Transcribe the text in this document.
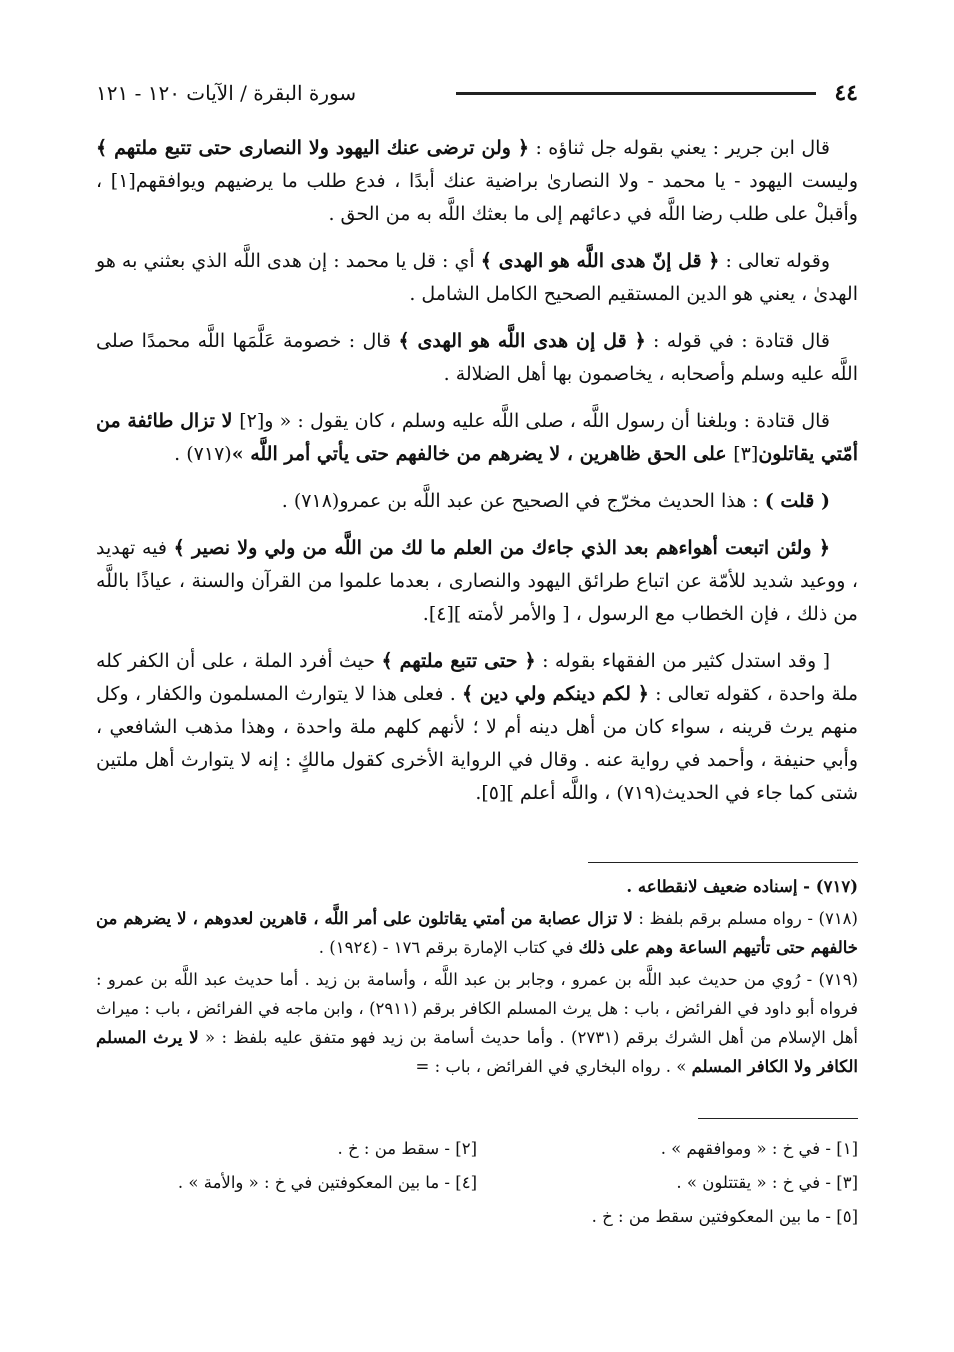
٤٤
سورة البقرة / الآيات ١٢٠ - ١٢١

قال ابن جرير : يعني بقوله جل ثناؤه : ﴿ ولن ترضى عنك اليهود ولا النصارى حتى تتبع ملتهم ﴾ وليست اليهود - يا محمد - ولا النصارىٰ براضية عنك أبدًا ، فدع طلب ما يرضيهم ويوافقهم[١] ، وأقبلْ على طلب رضا اللَّه في دعائهم إلى ما بعثك اللَّه به من الحق .

وقوله تعالى : ﴿ قل إنّ هدى اللَّه هو الهدى ﴾ أي : قل يا محمد : إن هدى اللَّه الذي بعثني به هو الهدىٰ ، يعني هو الدين المستقيم الصحيح الكامل الشامل .

قال قتادة : في قوله : ﴿ قل إن هدى اللَّه هو الهدى ﴾ قال : خصومة عَلَّمَها اللَّه محمدًا صلى اللَّه عليه وسلم وأصحابه ، يخاصمون بها أهل الضلالة .

قال قتادة : وبلغنا أن رسول اللَّه ، صلى اللَّه عليه وسلم ، كان يقول : « و[٢] لا تزال طائفة من أمّتي يقاتلون[٣] على الحق ظاهرين ، لا يضرهم من خالفهم حتى يأتي أمر اللَّه »(٧١٧) .

( قلت ) : هذا الحديث مخرّج في الصحيح عن عبد اللَّه بن عمرو(٧١٨) .

﴿ ولئن اتبعت أهواءهم بعد الذي جاءك من العلم ما لك من اللَّه من ولي ولا نصير ﴾ فيه تهديد ، ووعيد شديد للأمّة عن اتباع طرائق اليهود والنصارى ، بعدما علموا من القرآن والسنة ، عياذًا باللَّه من ذلك ، فإن الخطاب مع الرسول ، [ والأمر لأمته ][٤].

[ وقد استدل كثير من الفقهاء بقوله : ﴿ حتى تتبع ملتهم ﴾ حيث أفرد الملة ، على أن الكفر كله ملة واحدة ، كقوله تعالى : ﴿ لكم دينكم ولي دين ﴾ . فعلى هذا لا يتوارث المسلمون والكفار ، وكل منهم يرث قرينه ، سواء كان من أهل دينه أم لا ؛ لأنهم كلهم ملة واحدة ، وهذا مذهب الشافعي ، وأبي حنيفة ، وأحمد في رواية عنه . وقال في الرواية الأخرى كقول مالكٍ : إنه لا يتوارث أهل ملتين شتى كما جاء في الحديث(٧١٩) ، واللَّه أعلم ][٥].

(٧١٧) - إسناده ضعيف لانقطاعه .

(٧١٨) - رواه مسلم برقم بلفظ : لا تزال عصابة من أمتي يقاتلون على أمر اللَّه ، قاهرين لعدوهم ، لا يضرهم من خالفهم حتى تأتيهم الساعة وهم على ذلك في كتاب الإمارة برقم ١٧٦ - (١٩٢٤) .

(٧١٩) - رُوي من حديث عبد اللَّه بن عمرو ، وجابر بن عبد اللَّه ، وأسامة بن زيد . أما حديث عبد اللَّه بن عمرو : فرواه أبو داود في الفرائض ، باب : هل يرث المسلم الكافر برقم (٢٩١١) ، وابن ماجه في الفرائض ، باب : ميراث أهل الإسلام من أهل الشرك برقم (٢٧٣١) . وأما حديث أسامة بن زيد فهو متفق عليه بلفظ : « لا يرث المسلم الكافر ولا الكافر المسلم » . رواه البخاري في الفرائض ، باب : =

[١] - في خ : « وموافقهم » .
[٢] - سقط من : خ .
[٣] - في خ : « يقتتلون » .
[٤] - ما بين المعكوفتين في خ : « والأمة » .
[٥] - ما بين المعكوفتين سقط من : خ .
